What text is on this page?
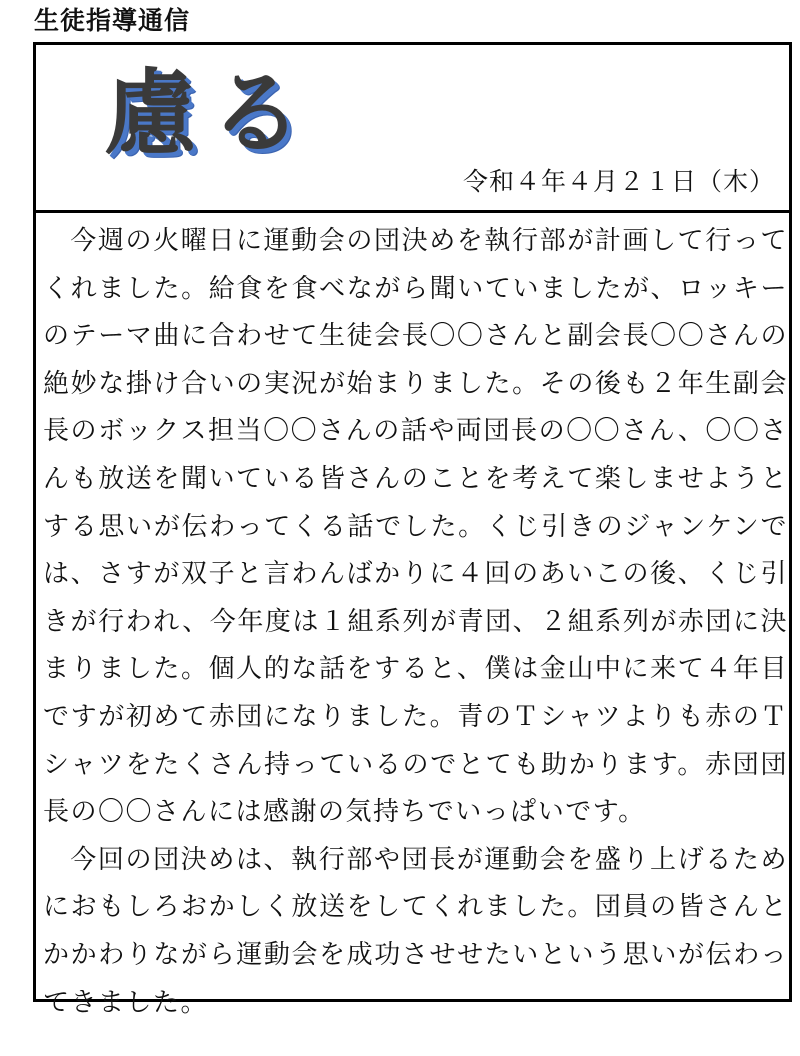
生徒指導通信
慮る
令和４年４月２１日（木）

今週の火曜日に運動会の団決めを執行部が計画して行ってくれました。給食を食べながら聞いていましたが、ロッキーのテーマ曲に合わせて生徒会長〇〇さんと副会長〇〇さんの絶妙な掛け合いの実況が始まりました。その後も２年生副会長のボックス担当〇〇さんの話や両団長の〇〇さん、〇〇さんも放送を聞いている皆さんのことを考えて楽しませようとする思いが伝わってくる話でした。くじ引きのジャンケンでは、さすが双子と言わんばかりに４回のあいこの後、くじ引きが行われ、今年度は１組系列が青団、２組系列が赤団に決まりました。個人的な話をすると、僕は金山中に来て４年目ですが初めて赤団になりました。青のＴシャツよりも赤のＴシャツをたくさん持っているのでとても助かります。赤団団長の〇〇さんには感謝の気持ちでいっぱいです。

今回の団決めは、執行部や団長が運動会を盛り上げるためにおもしろおかしく放送をしてくれました。団員の皆さんとかかわりながら運動会を成功させせたいという思いが伝わってきました。
